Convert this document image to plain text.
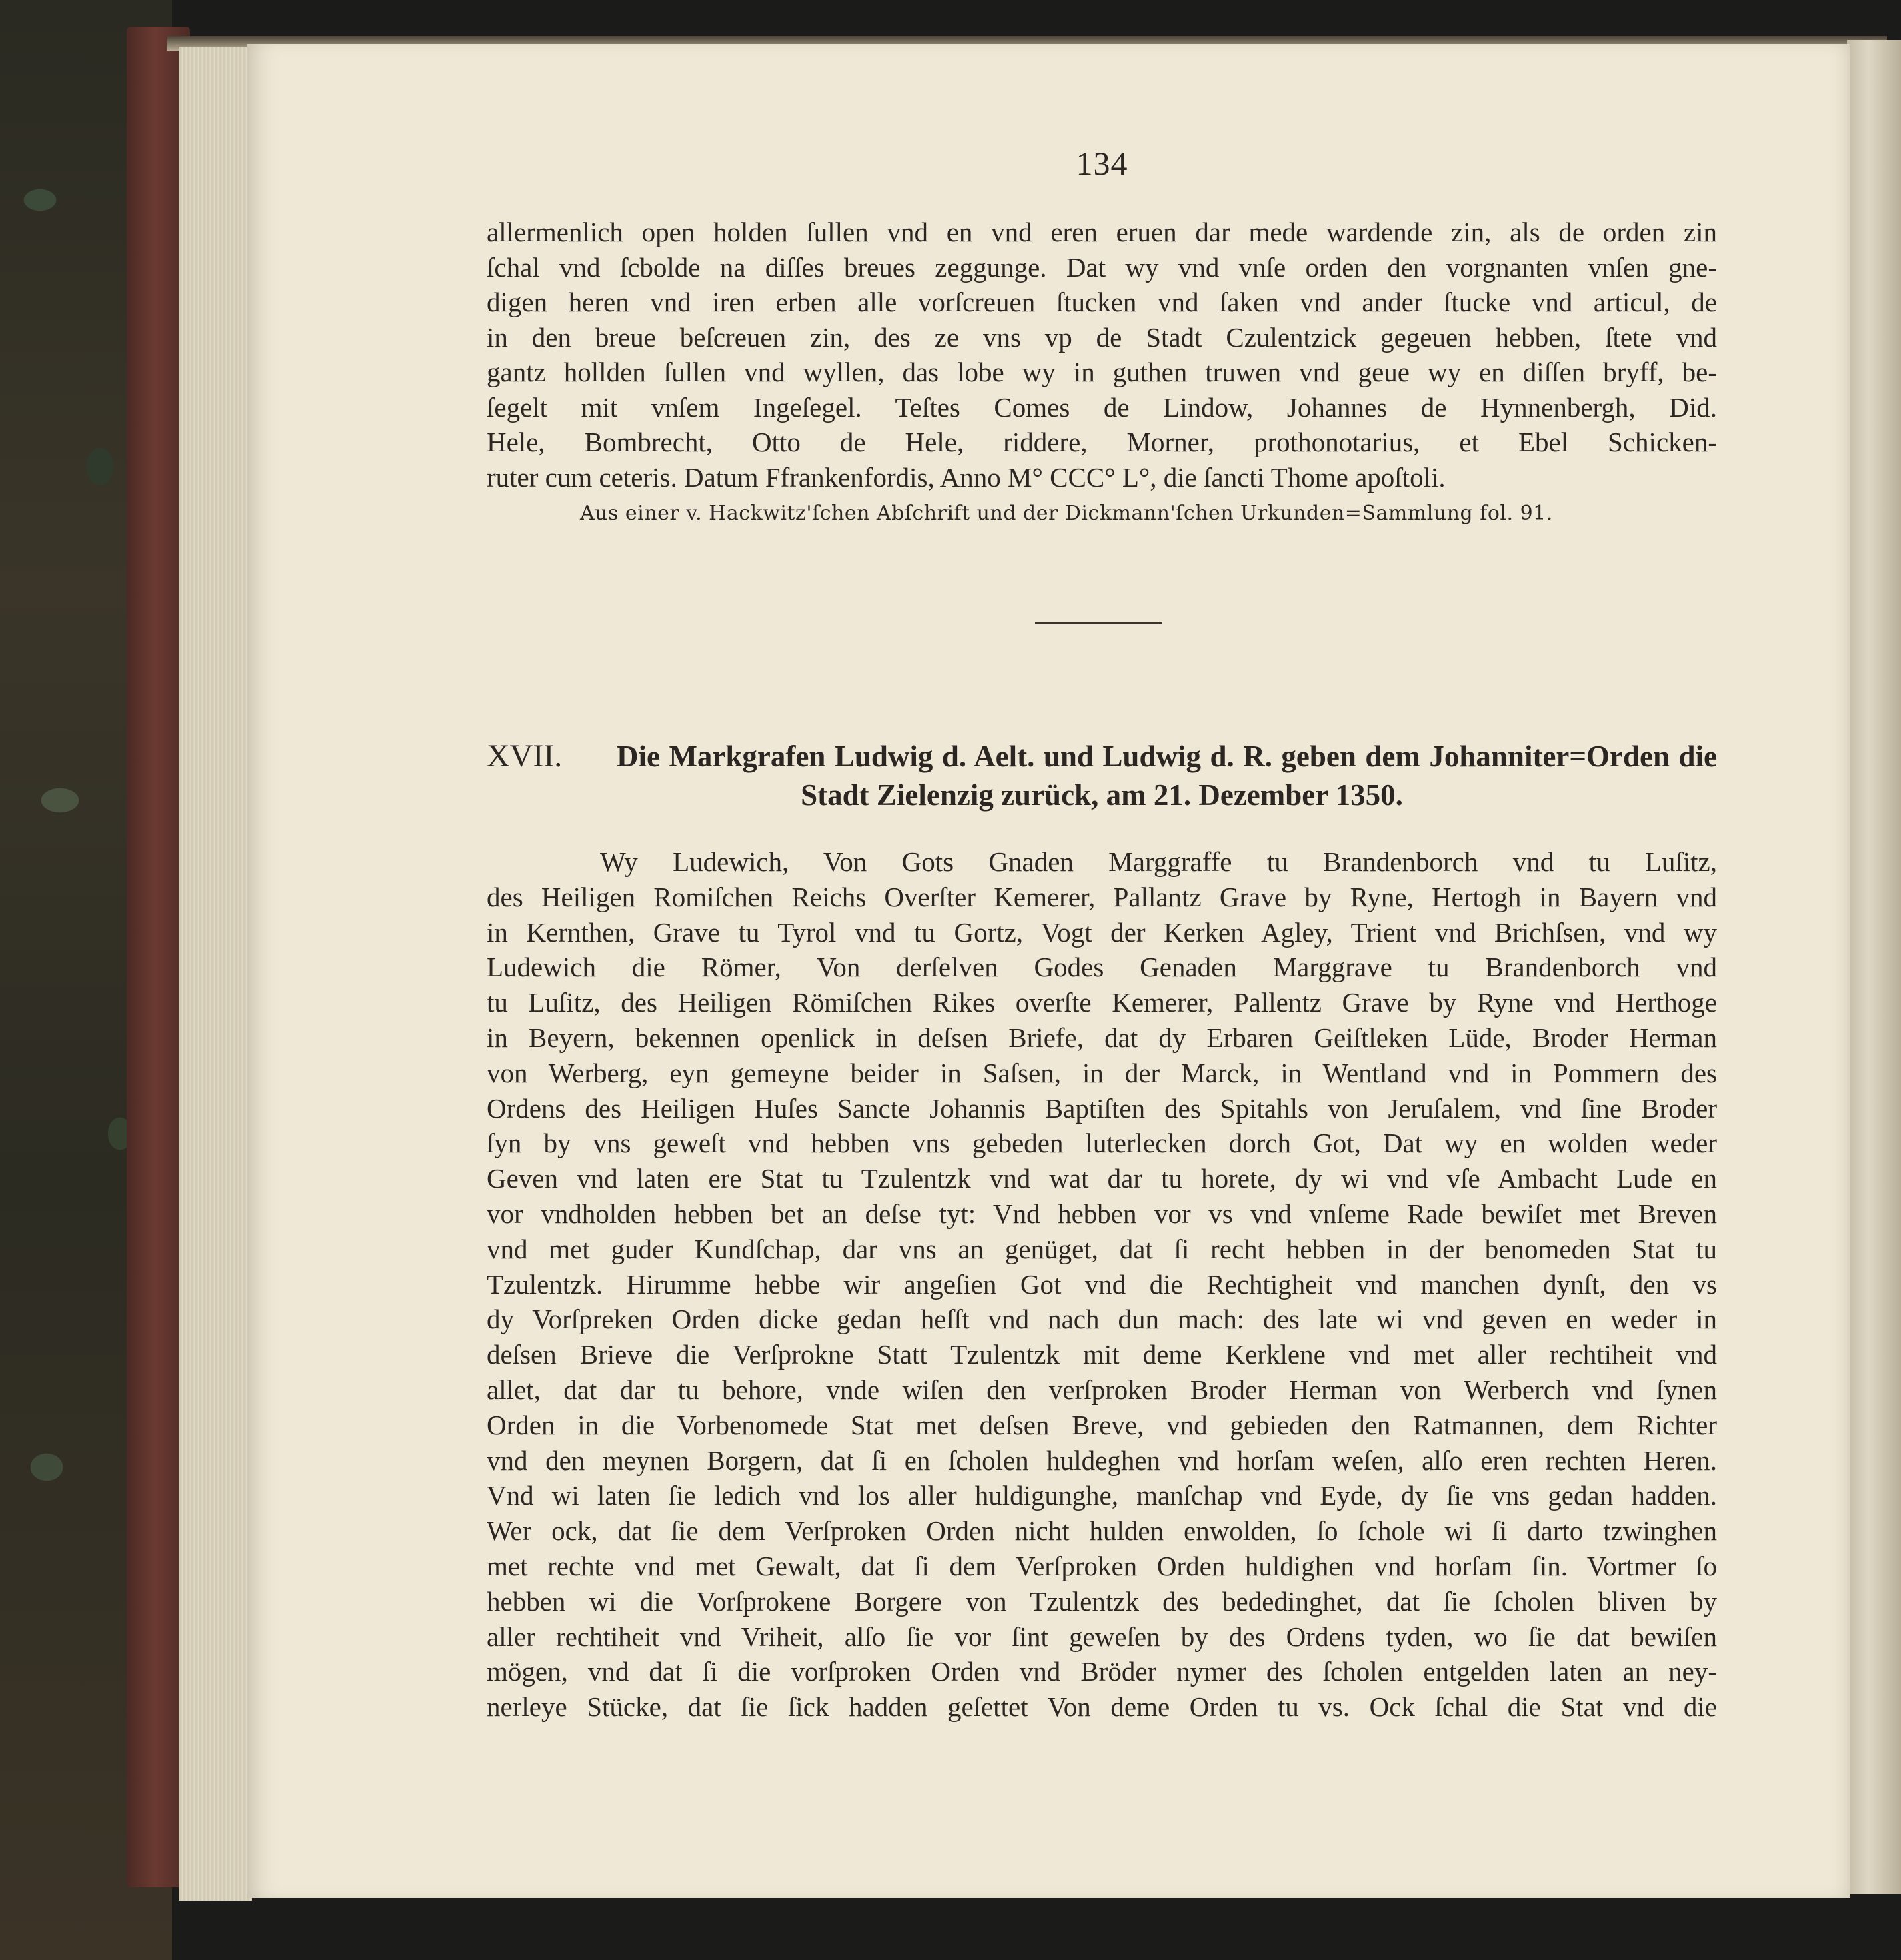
134
allermenlich open holden ſullen vnd en vnd eren eruen dar mede wardende zin, als de orden zin
ſchal vnd ſcbolde na diſſes breues zeggunge. Dat wy vnd vnſe orden den vorgnanten vnſen gne-
digen heren vnd iren erben alle vorſcreuen ſtucken vnd ſaken vnd ander ſtucke vnd articul, de
in den breue beſcreuen zin, des ze vns vp de Stadt Czulentzick gegeuen hebben, ſtete vnd
gantz hollden ſullen vnd wyllen, das lobe wy in guthen truwen vnd geue wy en diſſen bryff, be-
ſegelt mit vnſem Ingeſegel. Teſtes Comes de Lindow, Johannes de Hynnenbergh, Did.
Hele, Bombrecht, Otto de Hele, riddere, Morner, prothonotarius, et Ebel Schicken-
ruter cum ceteris. Datum Ffrankenfordis, Anno M° CCC° L°, die ſancti Thome apoſtoli.
Aus einer v. Hackwitz'ſchen Abſchrift und der Dickmann'ſchen Urkunden=Sammlung fol. 91.
XVII. Die Markgrafen Ludwig d. Aelt. und Ludwig d. R. geben dem Johanniter=Orden die
Stadt Zielenzig zurück, am 21. Dezember 1350.
Wy Ludewich, Von Gots Gnaden Marggraffe tu Brandenborch vnd tu Luſitz,
des Heiligen Romiſchen Reichs Overſter Kemerer, Pallantz Grave by Ryne, Hertogh in Bayern vnd
in Kernthen, Grave tu Tyrol vnd tu Gortz, Vogt der Kerken Agley, Trient vnd Brichſsen, vnd wy
Ludewich die Römer, Von derſelven Godes Genaden Marggrave tu Brandenborch vnd
tu Luſitz, des Heiligen Römiſchen Rikes overſte Kemerer, Pallentz Grave by Ryne vnd Herthoge
in Beyern, bekennen openlick in deſsen Briefe, dat dy Erbaren Geiſtleken Lüde, Broder Herman
von Werberg, eyn gemeyne beider in Saſsen, in der Marck, in Wentland vnd in Pommern des
Ordens des Heiligen Huſes Sancte Johannis Baptiſten des Spitahls von Jeruſalem, vnd ſine Broder
ſyn by vns geweſt vnd hebben vns gebeden luterlecken dorch Got, Dat wy en wolden weder
Geven vnd laten ere Stat tu Tzulentzk vnd wat dar tu horete, dy wi vnd vſe Ambacht Lude en
vor vndholden hebben bet an deſse tyt: Vnd hebben vor vs vnd vnſeme Rade bewiſet met Breven
vnd met guder Kundſchap, dar vns an genüget, dat ſi recht hebben in der benomeden Stat tu
Tzulentzk. Hirumme hebbe wir angeſien Got vnd die Rechtigheit vnd manchen dynſt, den vs
dy Vorſpreken Orden dicke gedan heſſt vnd nach dun mach: des late wi vnd geven en weder in
deſsen Brieve die Verſprokne Statt Tzulentzk mit deme Kerklene vnd met aller rechtiheit vnd
allet, dat dar tu behore, vnde wiſen den verſproken Broder Herman von Werberch vnd ſynen
Orden in die Vorbenomede Stat met deſsen Breve, vnd gebieden den Ratmannen, dem Richter
vnd den meynen Borgern, dat ſi en ſcholen huldeghen vnd horſam weſen, alſo eren rechten Heren.
Vnd wi laten ſie ledich vnd los aller huldigunghe, manſchap vnd Eyde, dy ſie vns gedan hadden.
Wer ock, dat ſie dem Verſproken Orden nicht hulden enwolden, ſo ſchole wi ſi darto tzwinghen
met rechte vnd met Gewalt, dat ſi dem Verſproken Orden huldighen vnd horſam ſin. Vortmer ſo
hebben wi die Vorſprokene Borgere von Tzulentzk des bededinghet, dat ſie ſcholen bliven by
aller rechtiheit vnd Vriheit, alſo ſie vor ſint geweſen by des Ordens tyden, wo ſie dat bewiſen
mögen, vnd dat ſi die vorſproken Orden vnd Bröder nymer des ſcholen entgelden laten an ney-
nerleye Stücke, dat ſie ſick hadden geſettet Von deme Orden tu vs. Ock ſchal die Stat vnd die
